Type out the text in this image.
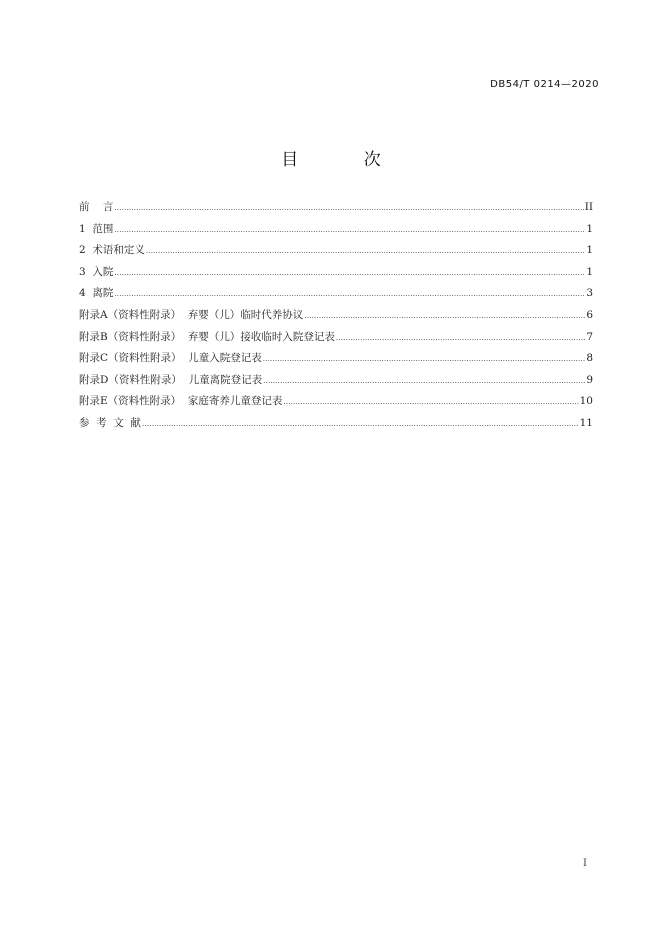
DB54/T 0214—2020
目 次
前    言 .....	II
1  范围 .....	1
2  术语和定义 .....	1
3  入院 .....	1
4  离院 .....	3
附录A（资料性附录）  弃婴（儿）临时代养协议 .....	6
附录B（资料性附录）  弃婴（儿）接收临时入院登记表 .....	7
附录C（资料性附录）  儿童入院登记表 .....	8
附录D（资料性附录）  儿童离院登记表 .....	9
附录E（资料性附录）  家庭寄养儿童登记表 .....	10
参  考  文  献 .....	11
I
